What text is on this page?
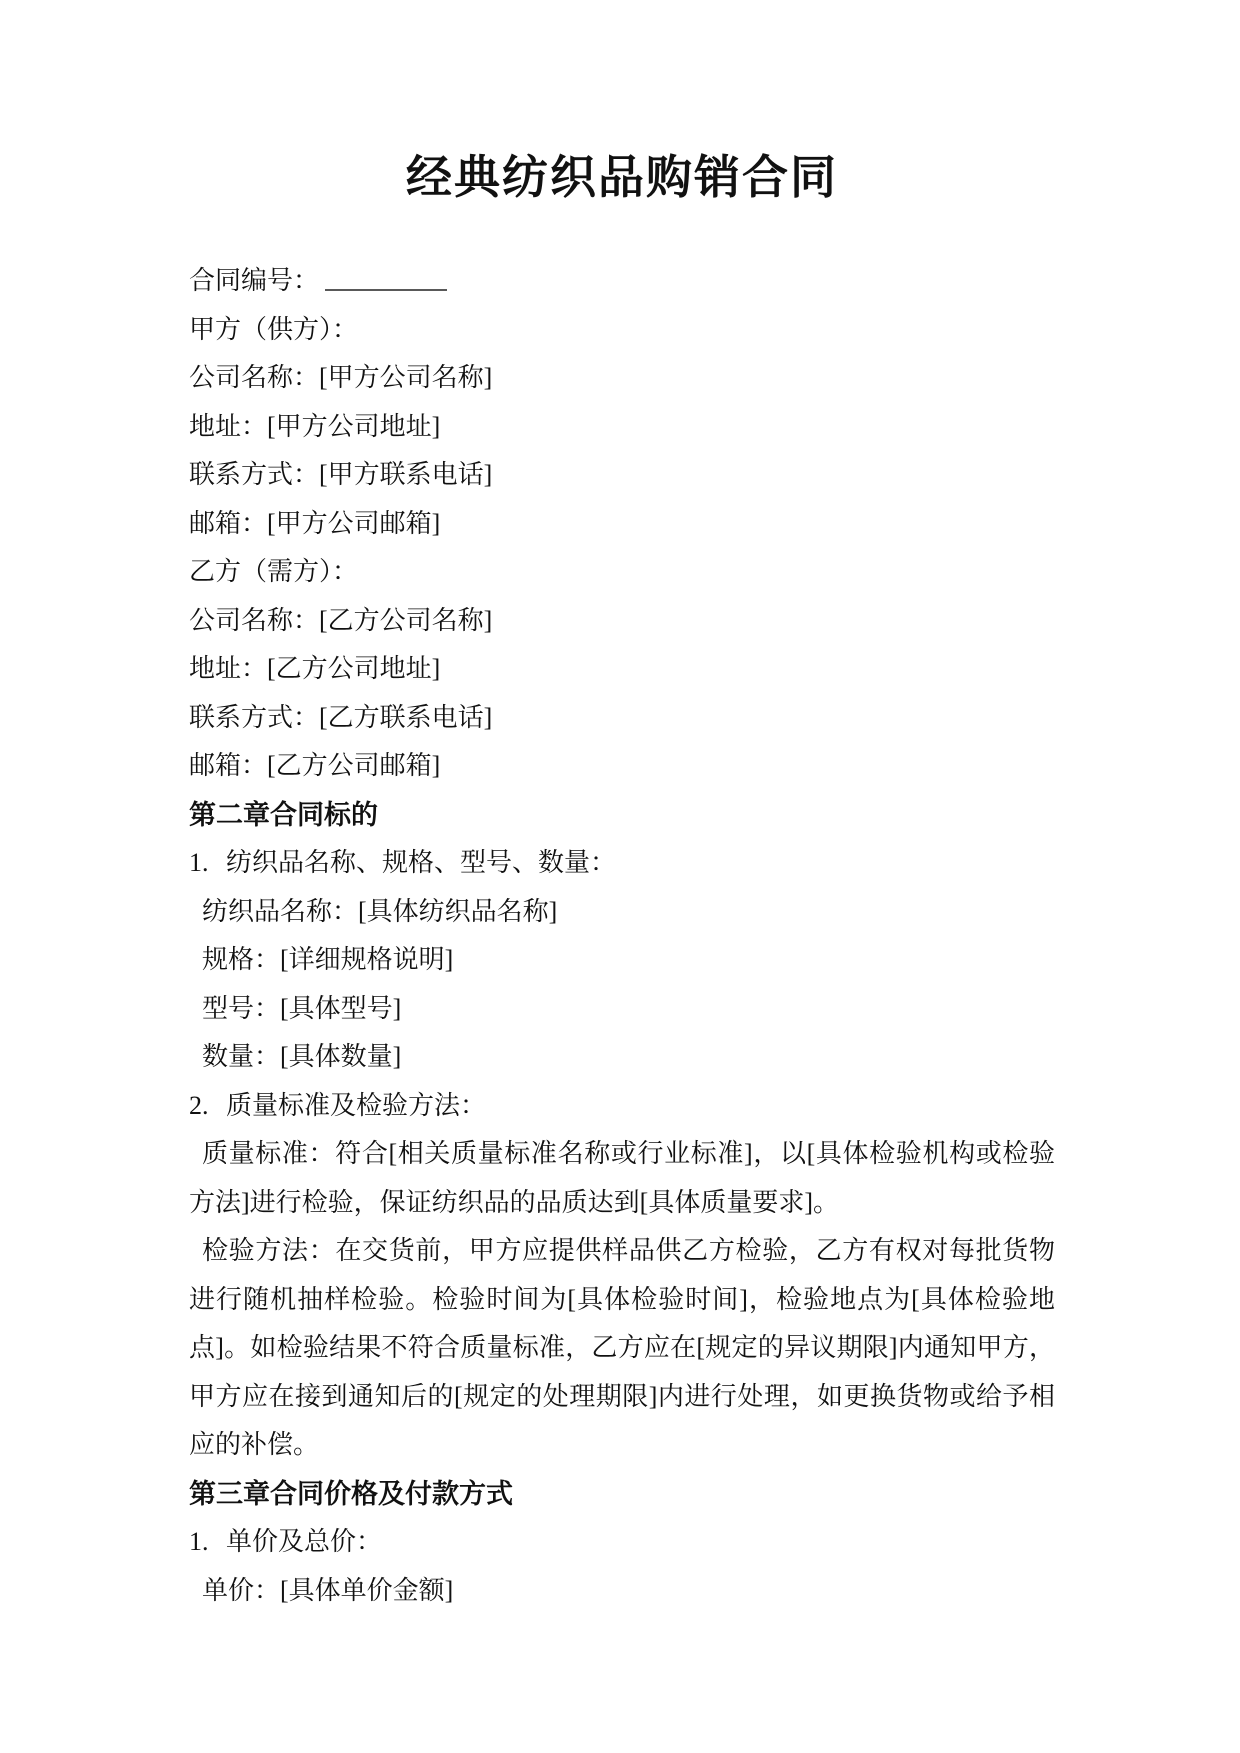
经典纺织品购销合同
合同编号：
甲方（供方）：
公司名称：[甲方公司名称]
地址：[甲方公司地址]
联系方式：[甲方联系电话]
邮箱：[甲方公司邮箱]
乙方（需方）：
公司名称：[乙方公司名称]
地址：[乙方公司地址]
联系方式：[乙方联系电话]
邮箱：[乙方公司邮箱]
第二章合同标的
1. 纺织品名称、规格、型号、数量：
纺织品名称：[具体纺织品名称]
规格：[详细规格说明]
型号：[具体型号]
数量：[具体数量]
2. 质量标准及检验方法：

质量标准：符合[相关质量标准名称或行业标准]，以[具体检验机构或检验方法]进行检验，保证纺织品的品质达到[具体质量要求]。

检验方法：在交货前，甲方应提供样品供乙方检验，乙方有权对每批货物进行随机抽样检验。检验时间为[具体检验时间]，检验地点为[具体检验地点]。如检验结果不符合质量标准，乙方应在[规定的异议期限]内通知甲方，甲方应在接到通知后的[规定的处理期限]内进行处理，如更换货物或给予相应的补偿。

第三章合同价格及付款方式
1. 单价及总价：
单价：[具体单价金额]
